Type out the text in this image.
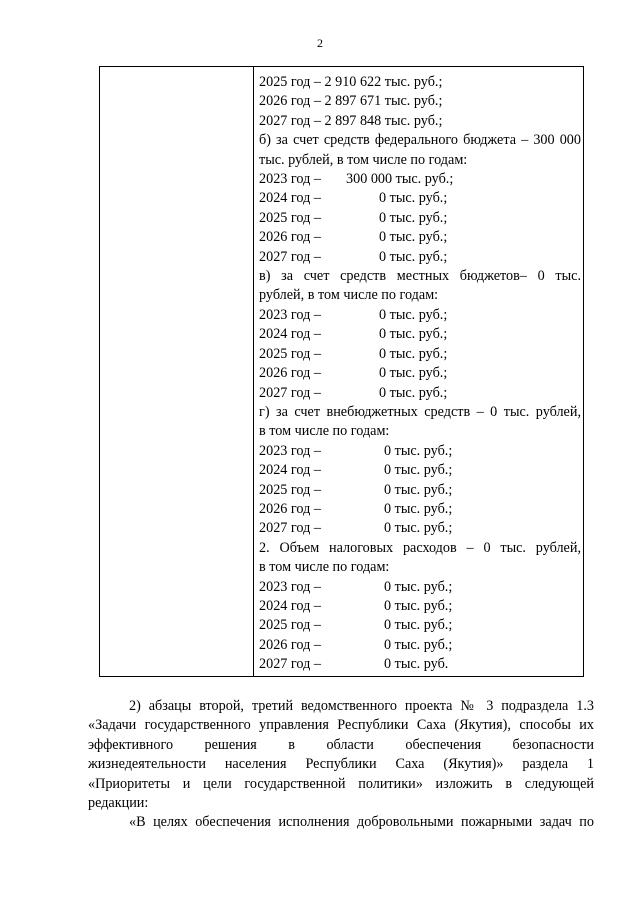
2
2025 год – 2 910 622 тыс. руб.;
2026 год – 2 897 671 тыс. руб.;
2027 год – 2 897 848 тыс. руб.;
б) за счет средств федерального бюджета – 300 000
тыс. рублей, в том числе по годам:
2023 год – 300 000 тыс. руб.;
2024 год –	0 тыс. руб.;
2025 год –	0 тыс. руб.;
2026 год –	0 тыс. руб.;
2027 год –	0 тыс. руб.;
в) за счет средств местных бюджетов– 0 тыс.
рублей, в том числе по годам:
2023 год –	0 тыс. руб.;
2024 год –	0 тыс. руб.;
2025 год –	0 тыс. руб.;
2026 год –	0 тыс. руб.;
2027 год –	0 тыс. руб.;
г) за счет внебюджетных средств – 0 тыс. рублей,
в том числе по годам:
2023 год –	0 тыс. руб.;
2024 год –	0 тыс. руб.;
2025 год –	0 тыс. руб.;
2026 год –	0 тыс. руб.;
2027 год –	0 тыс. руб.;
2. Объем налоговых расходов – 0 тыс. рублей,
в том числе по годам:
2023 год –	0 тыс. руб.;
2024 год –	0 тыс. руб.;
2025 год –	0 тыс. руб.;
2026 год –	0 тыс. руб.;
2027 год –	0 тыс. руб.
2) абзацы второй, третий ведомственного проекта № 3 подраздела 1.3
«Задачи государственного управления Республики Саха (Якутия), способы их
эффективного решения в области обеспечения безопасности
жизнедеятельности населения Республики Саха (Якутия)» раздела 1
«Приоритеты и цели государственной политики» изложить в следующей
редакции:
«В целях обеспечения исполнения добровольными пожарными задач по
